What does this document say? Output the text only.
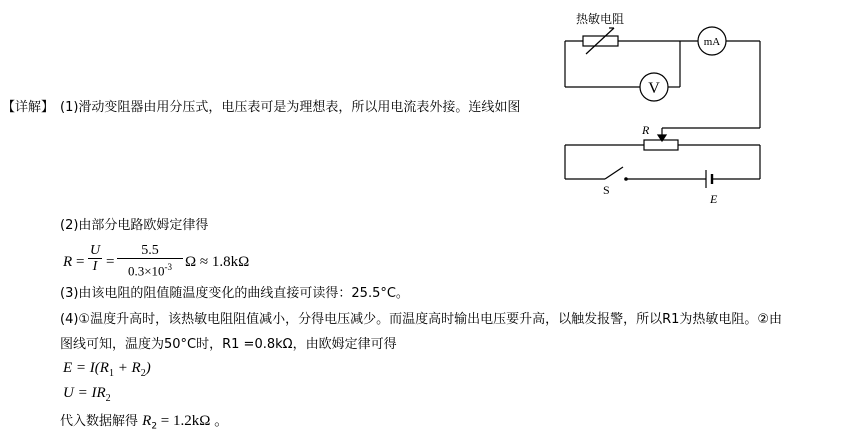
【详解】 (1)滑动变阻器由用分压式，电压表可是为理想表，所以用电流表外接。连线如图
热敏电阻
mA
V
R
S
E
(2)由部分电路欧姆定律得
$R = \frac{U}{I} = \frac{5.5}{0.3\times 10^{-3}}$ Ω ≈ 1.8kΩ
(3)由该电阻的阻值随温度变化的曲线直接可读得：25.5°C。
(4)①温度升高时，该热敏电阻阻值减小，分得电压减少。而温度高时输出电压要升高，以触发报警，所以R1为热敏电阻。②由
图线可知，温度为50°C时，R1 =0.8kΩ，由欧姆定律可得
$E = I(R_1 + R_2)$
$U = IR_2$
代入数据解得 $R_2 = 1.2k\Omega$ 。
